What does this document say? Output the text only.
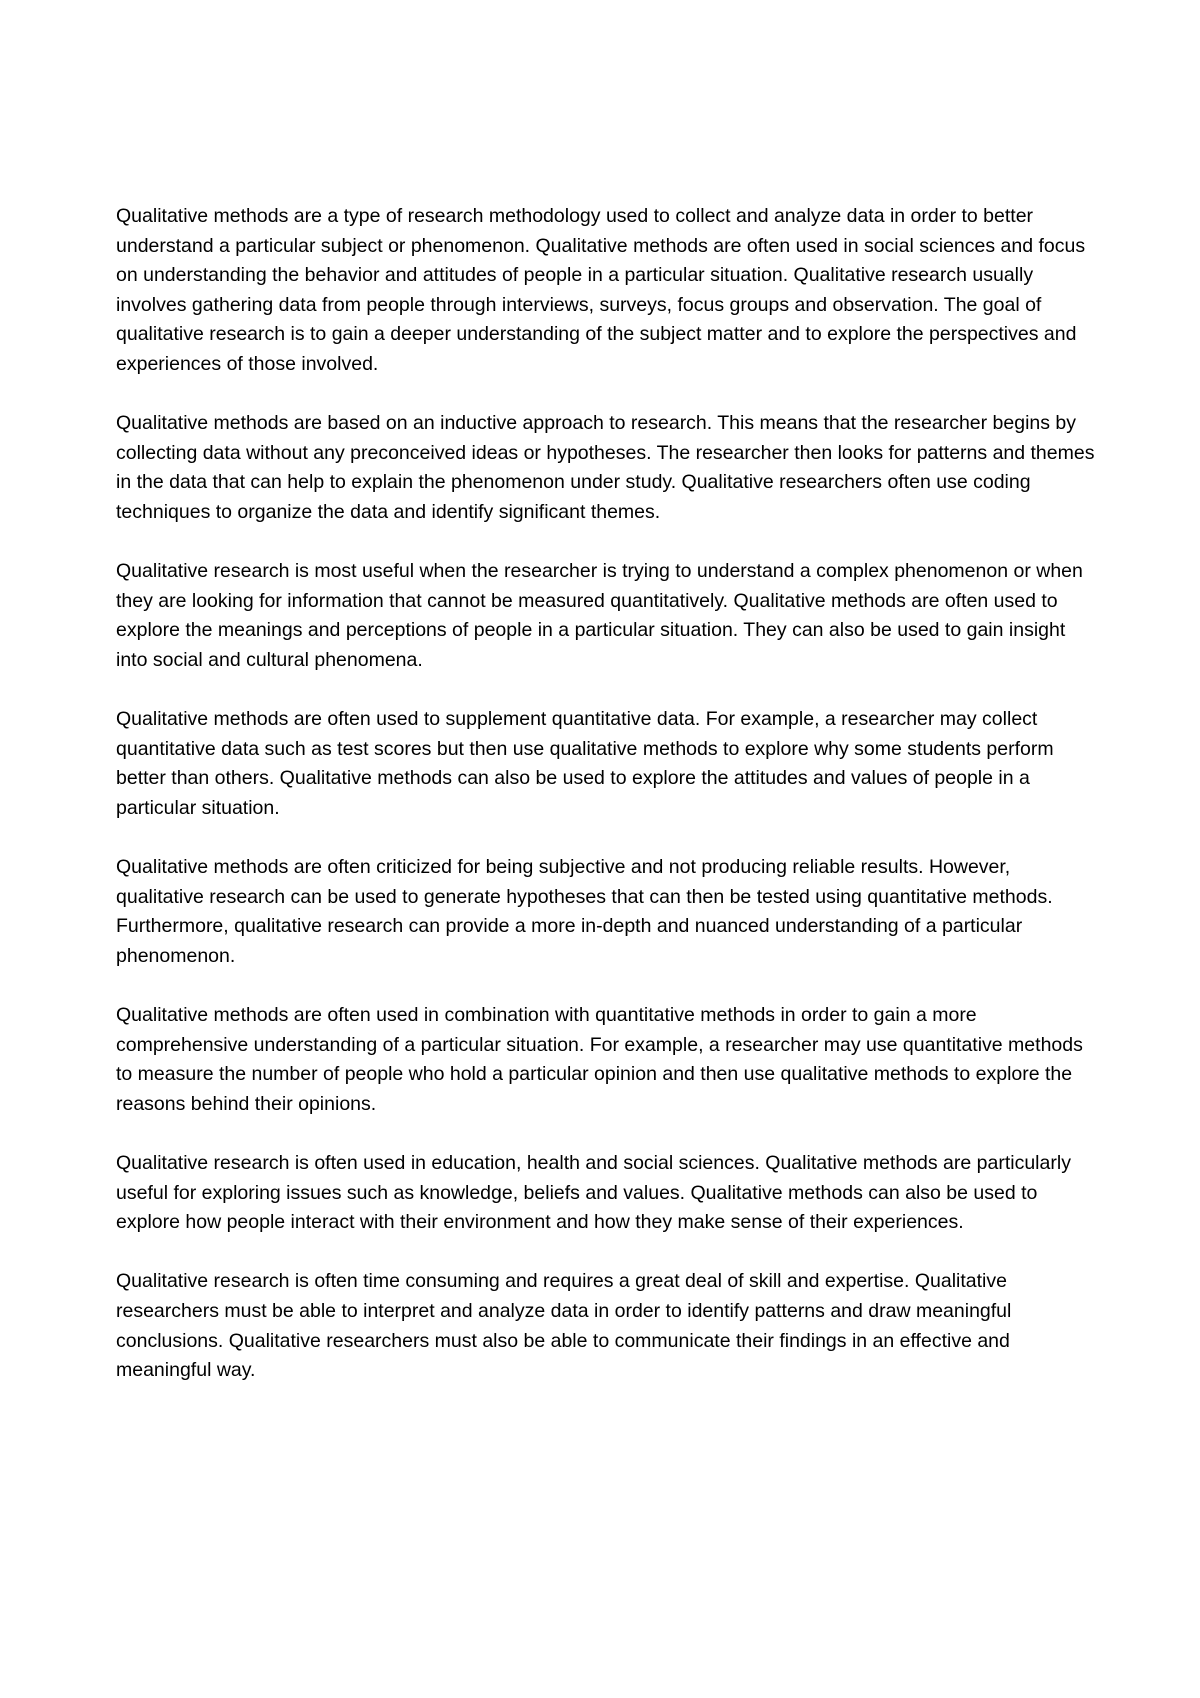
Qualitative methods are a type of research methodology used to collect and analyze data in order to better understand a particular subject or phenomenon. Qualitative methods are often used in social sciences and focus on understanding the behavior and attitudes of people in a particular situation. Qualitative research usually involves gathering data from people through interviews, surveys, focus groups and observation. The goal of qualitative research is to gain a deeper understanding of the subject matter and to explore the perspectives and experiences of those involved.

Qualitative methods are based on an inductive approach to research. This means that the researcher begins by collecting data without any preconceived ideas or hypotheses. The researcher then looks for patterns and themes in the data that can help to explain the phenomenon under study. Qualitative researchers often use coding techniques to organize the data and identify significant themes.

Qualitative research is most useful when the researcher is trying to understand a complex phenomenon or when they are looking for information that cannot be measured quantitatively. Qualitative methods are often used to explore the meanings and perceptions of people in a particular situation. They can also be used to gain insight into social and cultural phenomena.

Qualitative methods are often used to supplement quantitative data. For example, a researcher may collect quantitative data such as test scores but then use qualitative methods to explore why some students perform better than others. Qualitative methods can also be used to explore the attitudes and values of people in a particular situation.

Qualitative methods are often criticized for being subjective and not producing reliable results. However, qualitative research can be used to generate hypotheses that can then be tested using quantitative methods. Furthermore, qualitative research can provide a more in-depth and nuanced understanding of a particular phenomenon.

Qualitative methods are often used in combination with quantitative methods in order to gain a more comprehensive understanding of a particular situation. For example, a researcher may use quantitative methods to measure the number of people who hold a particular opinion and then use qualitative methods to explore the reasons behind their opinions.

Qualitative research is often used in education, health and social sciences. Qualitative methods are particularly useful for exploring issues such as knowledge, beliefs and values. Qualitative methods can also be used to explore how people interact with their environment and how they make sense of their experiences.

Qualitative research is often time consuming and requires a great deal of skill and expertise. Qualitative researchers must be able to interpret and analyze data in order to identify patterns and draw meaningful conclusions. Qualitative researchers must also be able to communicate their findings in an effective and meaningful way.
